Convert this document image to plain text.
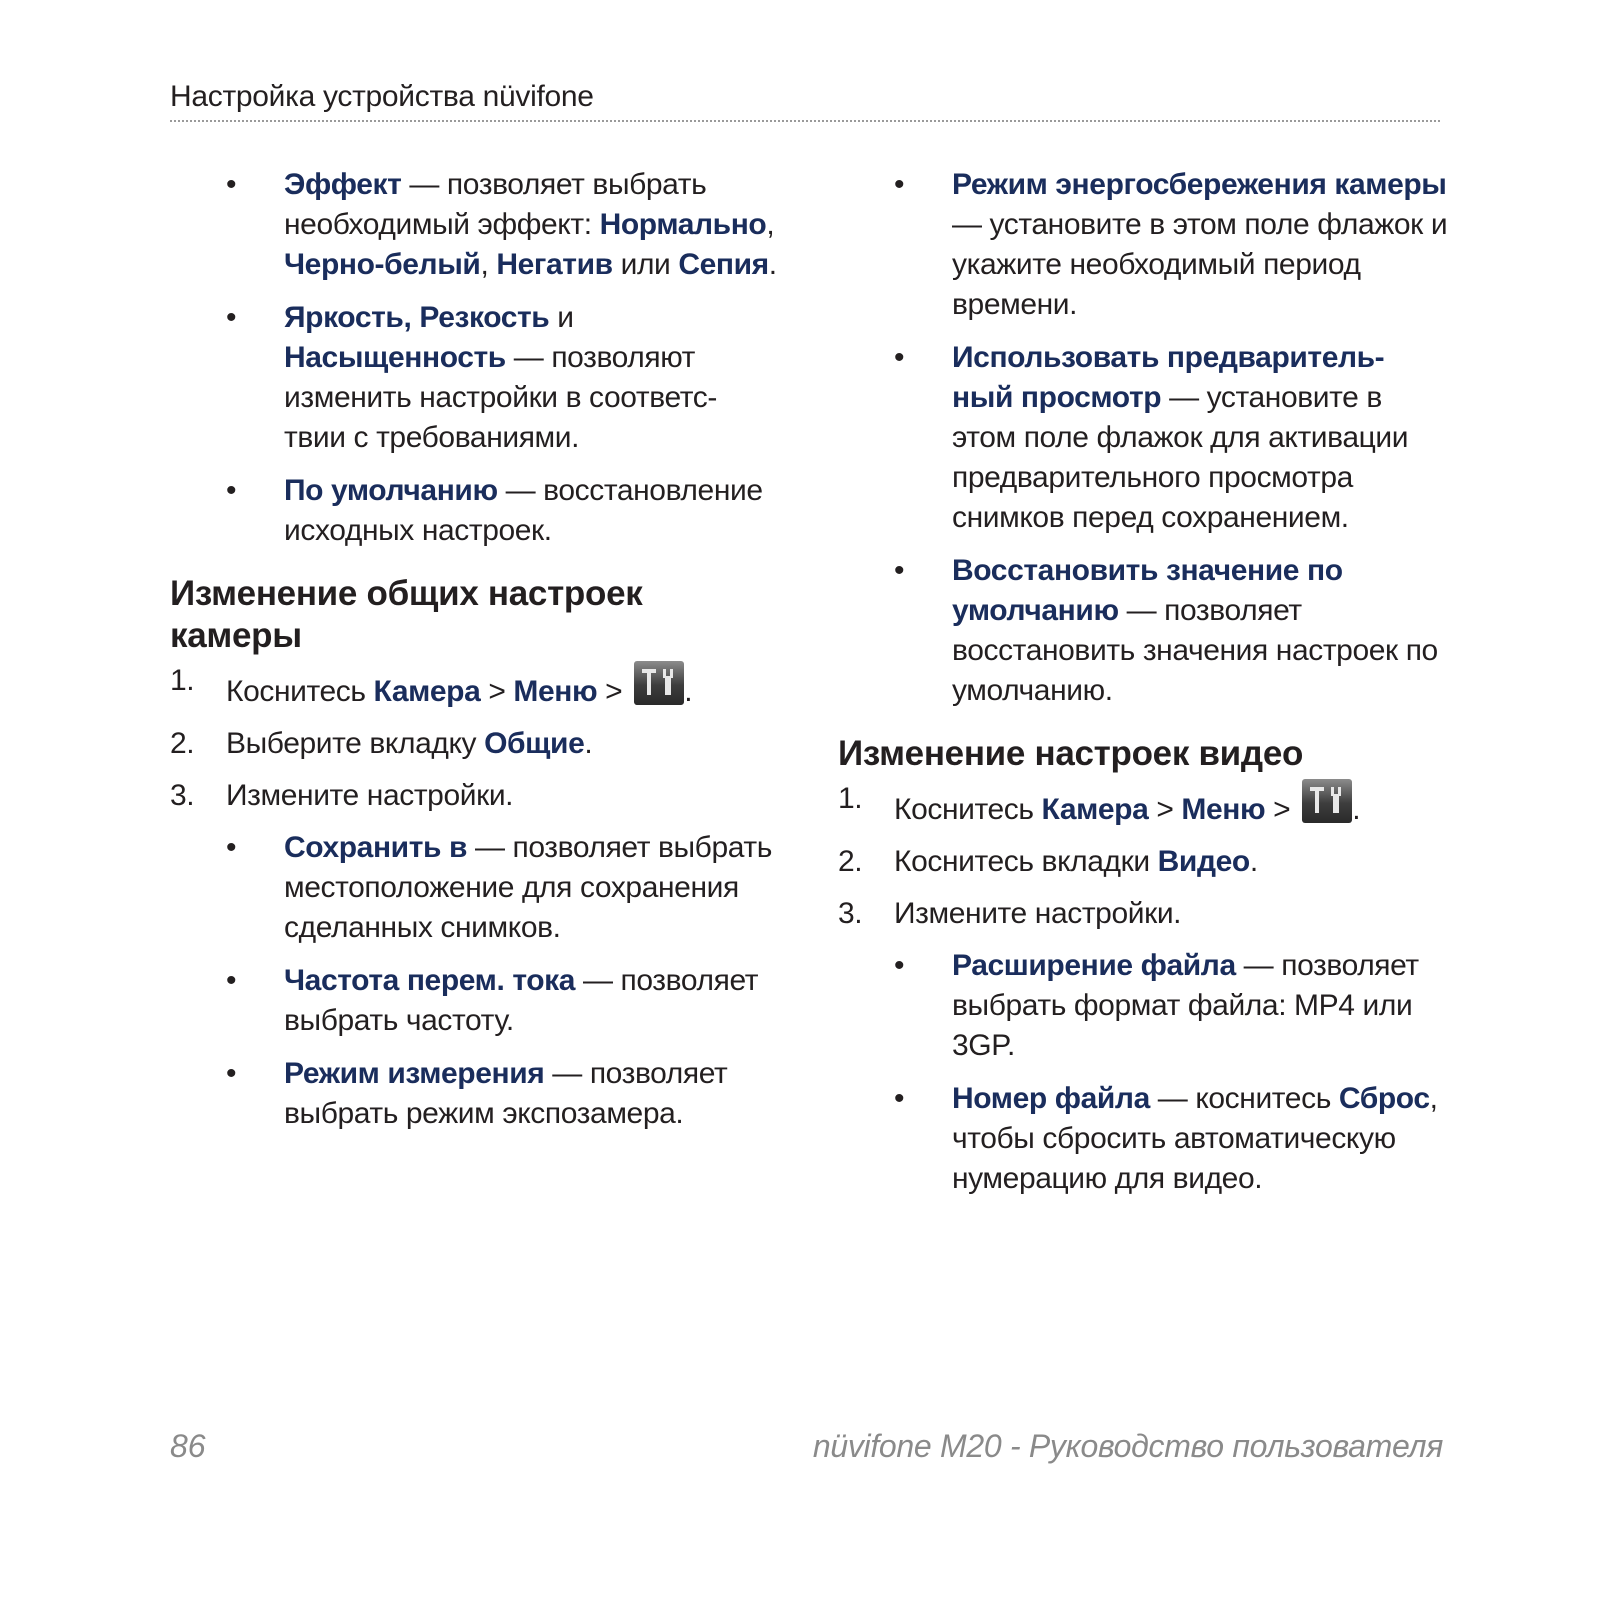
Настройка устройства nüvifone
• Эффект — позволяет выбрать необходимый эффект: Нормально, Черно-белый, Негатив или Сепия.
• Яркость, Резкость и Насыщенность — позволяют изменить настройки в соответс- твии с требованиями.
• По умолчанию — восстановление исходных настроек.
Изменение общих настроек камеры
1. Коснитесь Камера > Меню >
.
2. Выберите вкладку Общие.
3. Измените настройки.
• Сохранить в — позволяет выбрать местоположение для сохранения сделанных снимков.
• Частота перем. тока — позволяет выбрать частоту.
• Режим измерения — позволяет выбрать режим экспозамера.
• Режим энергосбережения камеры — установите в этом поле флажок и укажите необходимый период времени.
• Использовать предваритель- ный просмотр — установите в этом поле флажок для активации предварительного просмотра снимков перед сохранением.
• Восстановить значение по умолчанию — позволяет восстановить значения настроек по умолчанию.
Изменение настроек видео
1. Коснитесь Камера > Меню >
.
2. Коснитесь вкладки Видео.
3. Измените настройки.
• Расширение файла — позволяет выбрать формат файла: MP4 или 3GP.
• Номер файла — коснитесь Сброс, чтобы сбросить автоматическую нумерацию для видео.
86	nüvifone M20 - Руководство пользователя
